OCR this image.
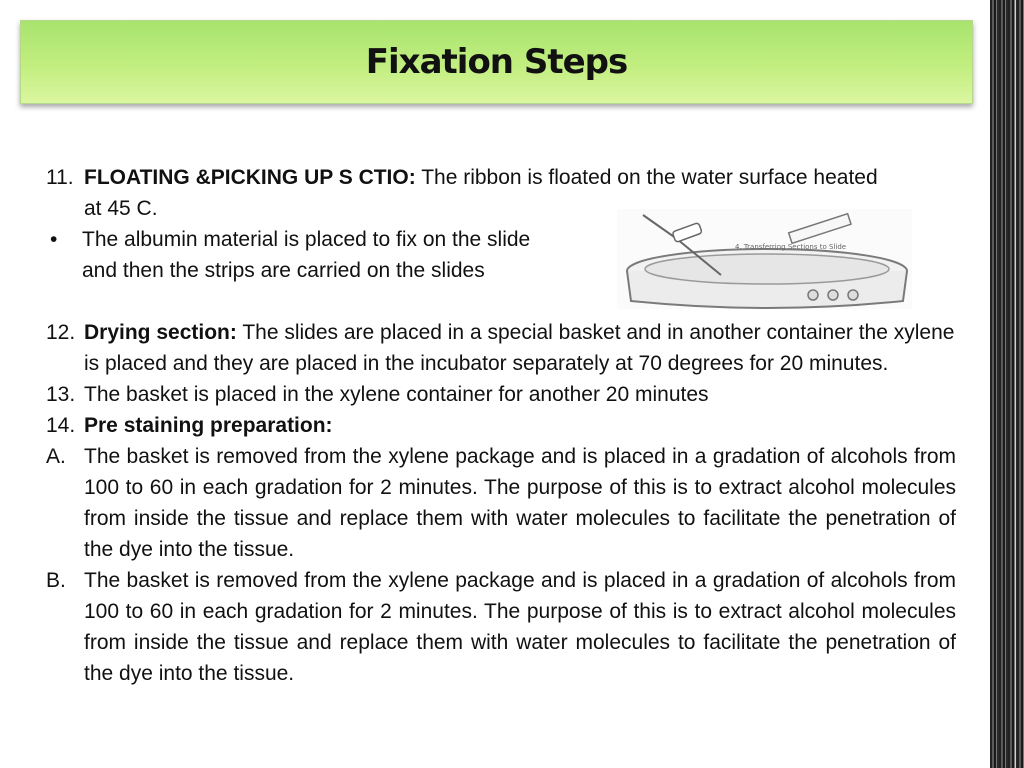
Fixation Steps
4. Transferring Sections to Slide
11. FLOATING &PICKING UP S CTIO: The ribbon is floated on the water surface heated
at 45 C.
• The albumin material is placed to fix on the slide
and then the strips are carried on the slides
12. Drying section: The slides are placed in a special basket and in another container the xylene is placed and they are placed in the incubator separately at 70 degrees for 20 minutes.
13. The basket is placed in the xylene container for another 20 minutes
14. Pre staining preparation:
A. The basket is removed from the xylene package and is placed in a gradation of alcohols from 100 to 60 in each gradation for 2 minutes. The purpose of this is to extract alcohol molecules from inside the tissue and replace them with water molecules to facilitate the penetration of the dye into the tissue.
B. The basket is removed from the xylene package and is placed in a gradation of alcohols from 100 to 60 in each gradation for 2 minutes. The purpose of this is to extract alcohol molecules from inside the tissue and replace them with water molecules to facilitate the penetration of the dye into the tissue.
